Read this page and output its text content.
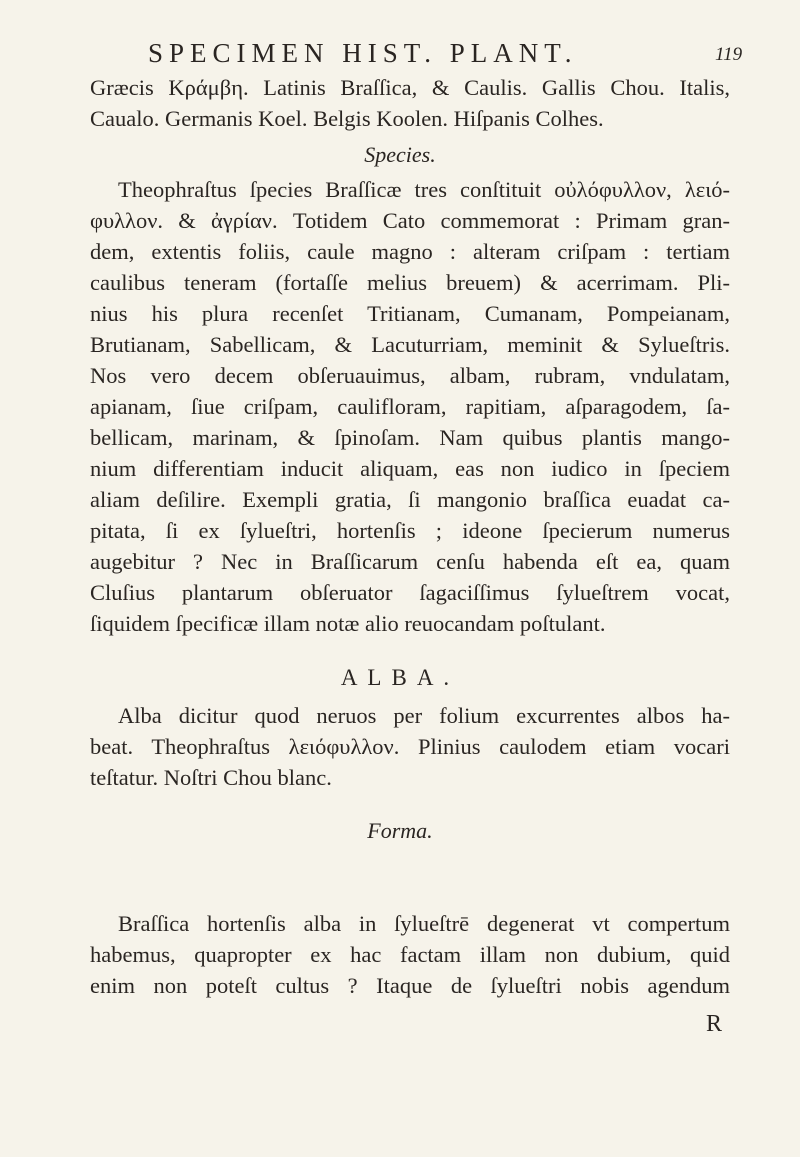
SPECIMEN HIST. PLANT.	119
Græcis Κράμβη. Latinis Braſſica, & Caulis. Gallis Chou. Italis,
Caualo. Germanis Koel. Belgis Koolen. Hiſpanis Colhes.
Species.
Theophraſtus ſpecies Braſſicæ tres conſtituit οὐλόφυλλον, λειό-
φυλλον. & ἀγρίαν. Totidem Cato commemorat : Primam gran-
dem, extentis foliis, caule magno : alteram criſpam : tertiam
caulibus teneram (fortaſſe melius breuem) & acerrimam. Pli-
nius his plura recenſet Tritianam, Cumanam, Pompeianam,
Brutianam, Sabellicam, & Lacuturriam, meminit & Sylueſtris.
Nos vero decem obſeruauimus, albam, rubram, vndulatam,
apianam, ſiue criſpam, caulifloram, rapitiam, aſparagodem, ſa-
bellicam, marinam, & ſpinoſam. Nam quibus plantis mango-
nium differentiam inducit aliquam, eas non iudico in ſpeciem
aliam deſilire. Exempli gratia, ſi mangonio braſſica euadat ca-
pitata, ſi ex ſylueſtri, hortenſis ; ideone ſpecierum numerus
augebitur ? Nec in Braſſicarum cenſu habenda eſt ea, quam
Cluſius plantarum obſeruator ſagaciſſimus ſylueſtrem vocat,
ſiquidem ſpecificæ illam notæ alio reuocandam poſtulant.
ALBA.
Alba dicitur quod neruos per folium excurrentes albos ha-
beat. Theophraſtus λειόφυλλον. Plinius caulodem etiam vocari
teſtatur. Noſtri Chou blanc.
Forma.
Braſſica hortenſis alba in ſylueſtrē degenerat vt compertum
habemus, quapropter ex hac factam illam non dubium, quid
enim non poteſt cultus ? Itaque de ſylueſtri nobis agendum
R
